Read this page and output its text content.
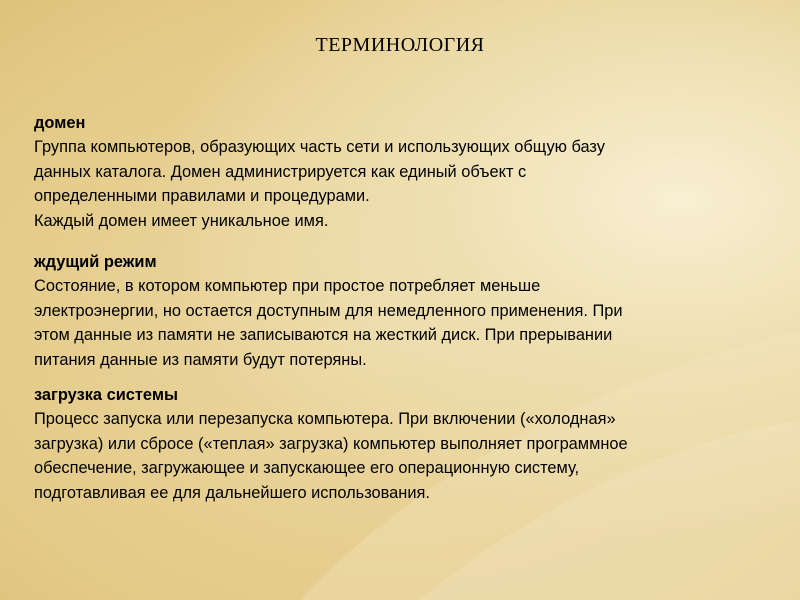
ТЕРМИНОЛОГИЯ
домен
Группа компьютеров, образующих часть сети и использующих общую базу
данных каталога. Домен администрируется как единый объект с
определенными правилами и процедурами.
Каждый домен имеет уникальное имя.
ждущий режим
Состояние, в котором компьютер при простое потребляет меньше
электроэнергии, но остается доступным для немедленного применения. При
этом данные из памяти не записываются на жесткий диск. При прерывании
питания данные из памяти будут потеряны.
загрузка системы
Процесс запуска или перезапуска компьютера. При включении («холодная»
загрузка) или сбросе («теплая» загрузка) компьютер выполняет программное
обеспечение, загружающее и запускающее его операционную систему,
подготавливая ее для дальнейшего использования.
